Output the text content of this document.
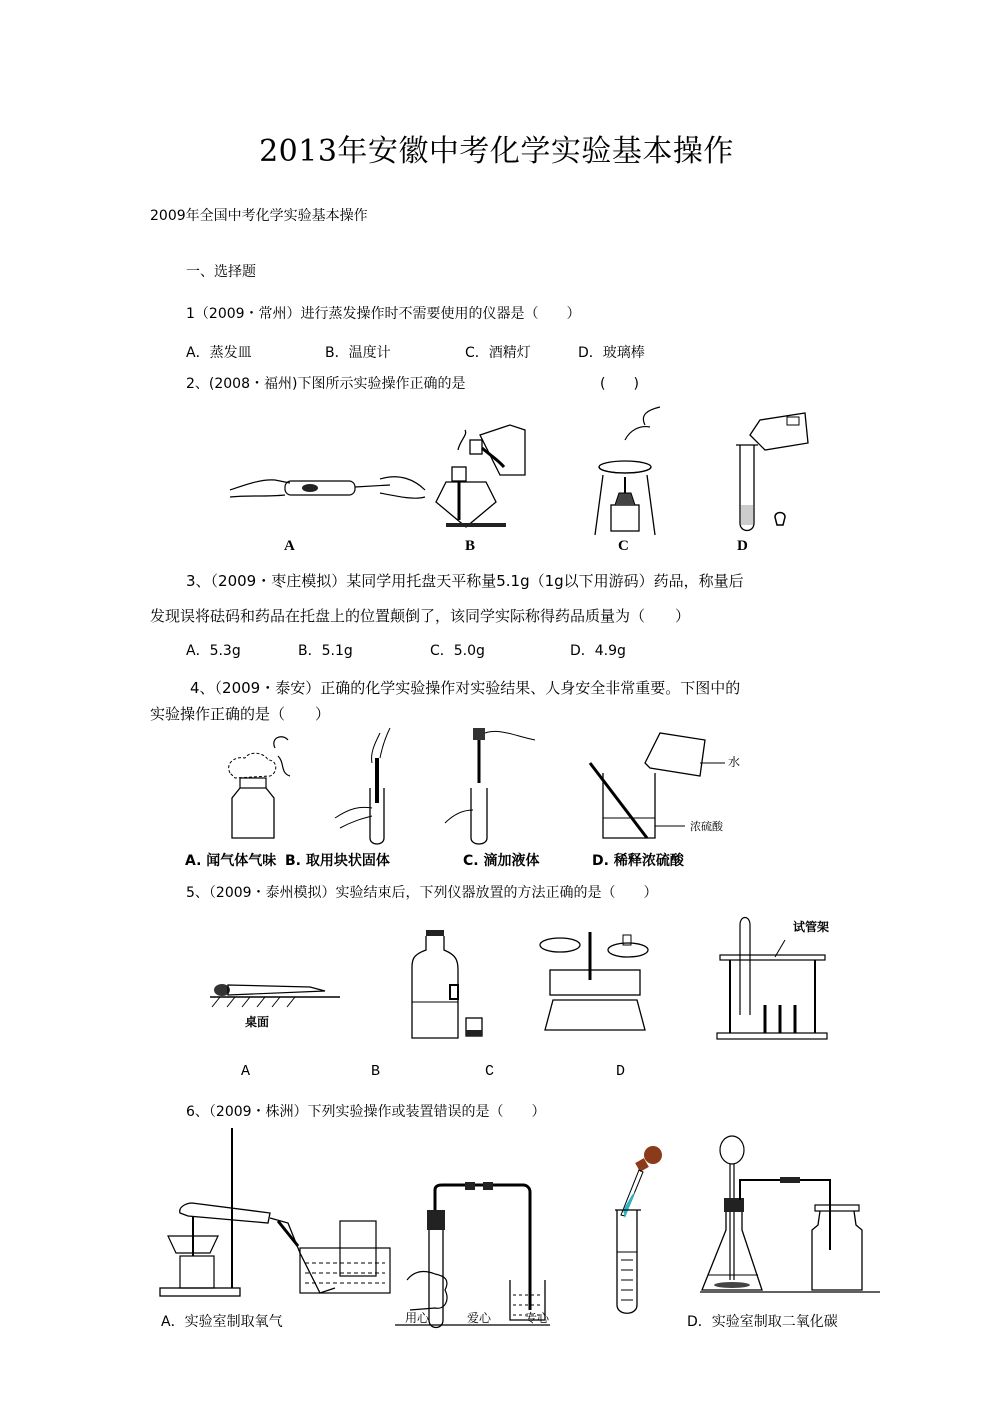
2013年安徽中考化学实验基本操作
2009年全国中考化学实验基本操作
一、选择题
1（2009・常州）进行蒸发操作时不需要使用的仪器是（　　）
A．蒸发皿	B．温度计	C．酒精灯	D．玻璃棒
2、(2008・福州)下图所示实验操作正确的是	(　　)
A	B	C	D
3、（2009・枣庄模拟）某同学用托盘天平称量5.1g（1g以下用游码）药品，称量后
发现误将砝码和药品在托盘上的位置颠倒了，该同学实际称得药品质量为（　　）
A．5.3g	B．5.1g	C．5.0g	D．4.9g
4、（2009・泰安）正确的化学实验操作对实验结果、人身安全非常重要。下图中的
实验操作正确的是（　　）
A. 闻气体气味 B. 取用块状固体	C. 滴加液体
水
浓硫酸
D. 稀释浓硫酸
5、（2009・泰州模拟）实验结束后，下列仪器放置的方法正确的是（　　）
桌面
试管架
A	B	C	D
6、（2009・株洲）下列实验操作或装置错误的是（　　）
A．实验室制取氧气	用心	爱心	专心	D．实验室制取二氧化碳
